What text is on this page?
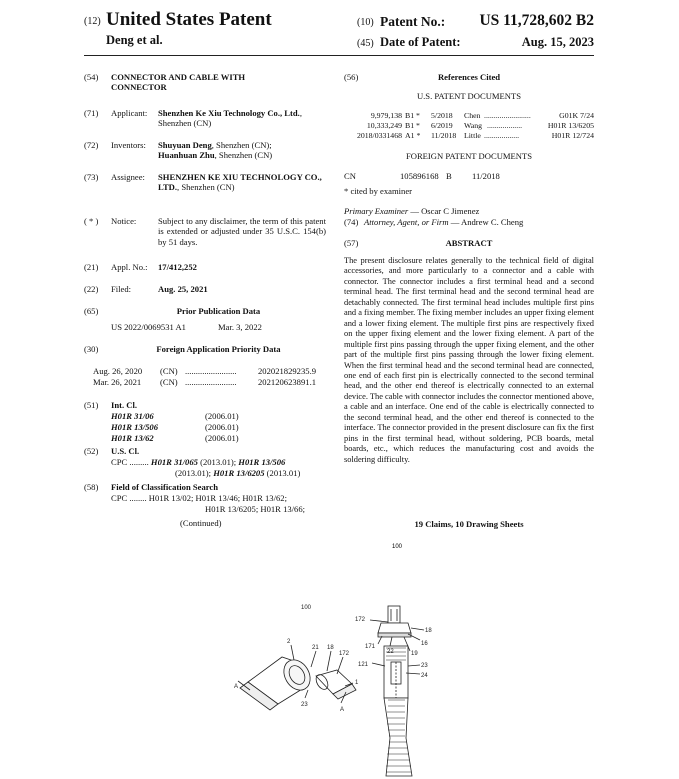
(12) United States Patent
Deng et al.
(10) Patent No.:	US 11,728,602 B2
(45) Date of Patent:	Aug. 15, 2023
(54) CONNECTOR AND CABLE WITH CONNECTOR
(71) Applicant: Shenzhen Ke Xiu Technology Co., Ltd., Shenzhen (CN)
(72) Inventors: Shuyuan Deng, Shenzhen (CN);
Huanhuan Zhu, Shenzhen (CN)
(73) Assignee: SHENZHEN KE XIU TECHNOLOGY CO., LTD., Shenzhen (CN)
( * ) Notice:	Subject to any disclaimer, the term of this patent is extended or adjusted under 35 U.S.C. 154(b) by 51 days.
(21) Appl. No.: 17/412,252
(22) Filed:	Aug. 25, 2021
(65)	Prior Publication Data
US 2022/0069531 A1	Mar. 3, 2022
(30)	Foreign Application Priority Data
Aug. 26, 2020 (CN) ........................ 202021829235.9
Mar. 26, 2021 (CN) ........................ 202120623891.1
(51) Int. Cl.
H01R 31/06	(2006.01)
H01R 13/506	(2006.01)
H01R 13/62	(2006.01)
(52) U.S. Cl.
CPC ......... H01R 31/065 (2013.01); H01R 13/506
(2013.01); H01R 13/6205 (2013.01)
(58) Field of Classification Search
CPC ........ H01R 13/02; H01R 13/46; H01R 13/62;
H01R 13/6205; H01R 13/66;
(Continued)
(56)	References Cited
U.S. PATENT DOCUMENTS
9,979,138 B1 * 5/2018 Chen ........................	G01K 7/24
10,333,249 B1 * 6/2019 Wang ..................	H01R 13/6205
2018/0331468 A1 * 11/2018 Little ..................	H01R 12/724
FOREIGN PATENT DOCUMENTS
CN	105896168 B 11/2018
* cited by examiner
Primary Examiner — Oscar C Jimenez
(74) Attorney, Agent, or Firm — Andrew C. Cheng
(57)	ABSTRACT
The present disclosure relates generally to the technical field of digital accessories, and more particularly to a connector and a cable with connector. The connector includes a first terminal head and a second terminal head. The first terminal head and the second terminal head are detachably connected. The first terminal head includes multiple first pins and a fixing member. The fixing member includes an upper fixing element and a lower fixing element. The multiple first pins are respectively fixed on the upper fixing element and the lower fixing element. A part of the multiple first pins passing through the upper fixing element, and the other part of the multiple first pins passing through the lower fixing element. When the first terminal head and the second terminal head are connected, one end of each first pin is electrically connected to the second terminal head, and the other end thereof is electrically connected to an external device. The cable with connector includes the connector mentioned above, a cable and an interface. One end of the cable is electrically connected to the second terminal head, and the other end thereof is connected to the interface. The connector provided in the present disclosure can fix the first pins in the first terminal head, without soldering, PCB boards, metal boards, etc., which reduces the manufacturing cost and avoids the soldering difficulty.
19 Claims, 10 Drawing Sheets
100
100
2
21 18
172
1
23
A
A
172
18
16
171
22	19
121	23
24
